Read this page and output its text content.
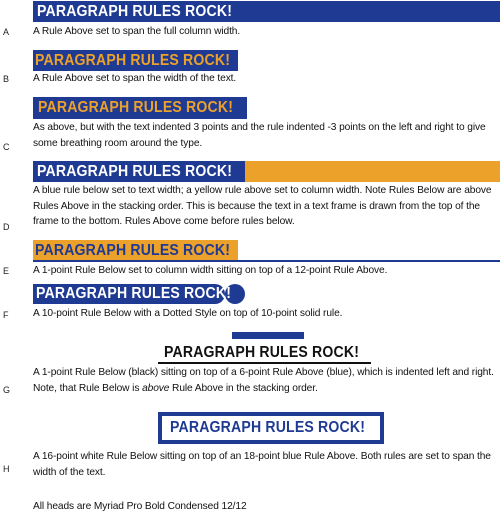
PARAGRAPH RULES ROCK!
A Rule Above set to span the full column width.
A
PARAGRAPH RULES ROCK!
A Rule Above set to span the width of the text.
B
PARAGRAPH RULES ROCK!
As above, but with the text indented 3 points and the rule indented -3 points on the left and right to give some breathing room around the type.
C
PARAGRAPH RULES ROCK!
A blue rule below set to text width; a yellow rule above set to column width. Note Rules Below are above Rules Above in the stacking order. This is because the text in a text frame is drawn from the top of the frame to the bottom. Rules Above come before rules below.
D
PARAGRAPH RULES ROCK!
A 1-point Rule Below set to column width sitting on top of a 12-point Rule Above.
E
PARAGRAPH RULES ROCK!
A 10-point Rule Below with a Dotted Style on top of 10-point solid rule.
F
PARAGRAPH RULES ROCK!
A 1-point Rule Below (black) sitting on top of a 6-point Rule Above (blue), which is indented left and right. Note, that Rule Below is above Rule Above in the stacking order.
G
PARAGRAPH RULES ROCK!
A 16-point white Rule Below sitting on top of an 18-point blue Rule Above. Both rules are set to span the width of the text.
H
All heads are Myriad Pro Bold Condensed 12/12
